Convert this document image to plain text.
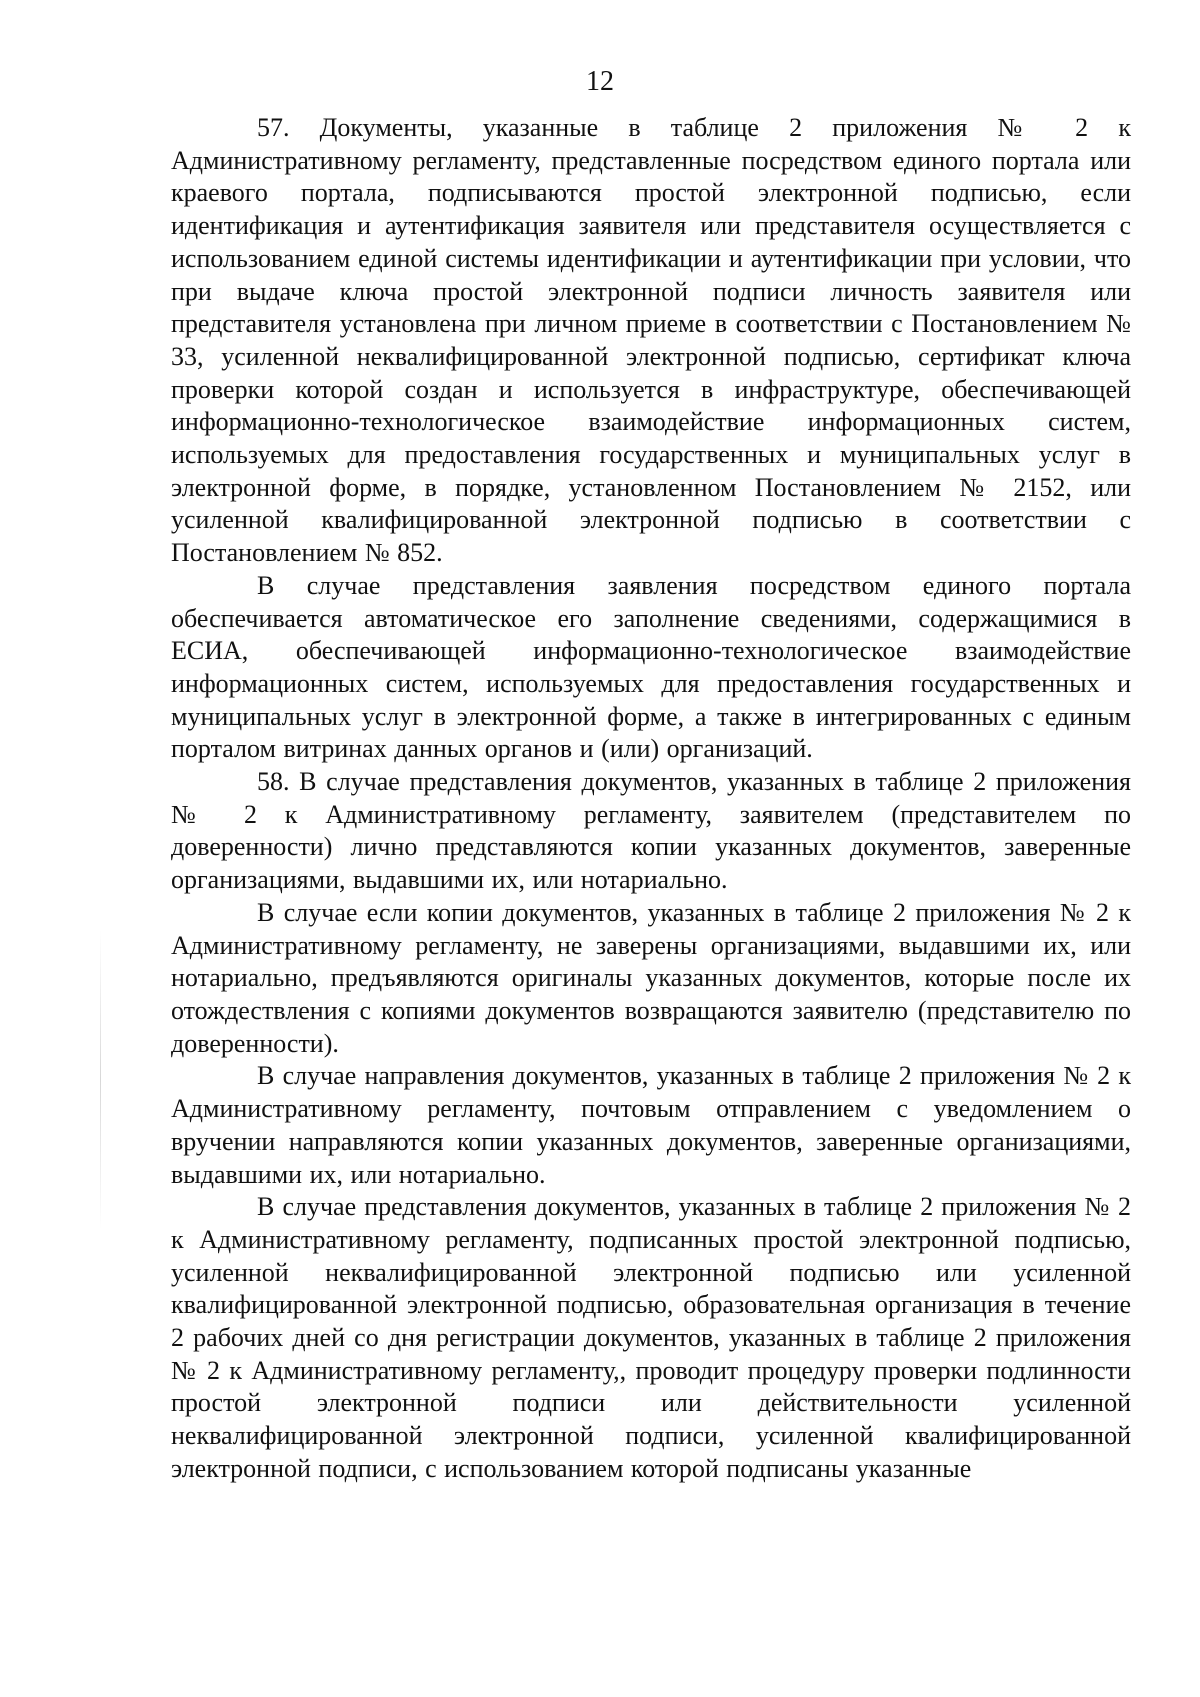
12

57. Документы, указанные в таблице 2 приложения № 2 к Административному регламенту, представленные посредством единого портала или краевого портала, подписываются простой электронной подписью, если идентификация и аутентификация заявителя или представителя осуществляется с использованием единой системы идентификации и аутентификации при условии, что при выдаче ключа простой электронной подписи личность заявителя или представителя установлена при личном приеме в соответствии с Постановлением № 33, усиленной неквалифицированной электронной подписью, сертификат ключа проверки которой создан и используется в инфраструктуре, обеспечивающей информационно-технологическое взаимодействие информационных систем, используемых для предоставления государственных и муниципальных услуг в электронной форме, в порядке, установленном Постановлением № 2152, или усиленной квалифицированной электронной подписью в соответствии с Постановлением № 852.

В случае представления заявления посредством единого портала обеспечивается автоматическое его заполнение сведениями, содержащимися в ЕСИА, обеспечивающей информационно-технологическое взаимодействие информационных систем, используемых для предоставления государственных и муниципальных услуг в электронной форме, а также в интегрированных с единым порталом витринах данных органов и (или) организаций.

58. В случае представления документов, указанных в таблице 2 приложения № 2 к Административному регламенту, заявителем (представителем по доверенности) лично представляются копии указанных документов, заверенные организациями, выдавшими их, или нотариально.

В случае если копии документов, указанных в таблице 2 приложения № 2 к Административному регламенту, не заверены организациями, выдавшими их, или нотариально, предъявляются оригиналы указанных документов, которые после их отождествления с копиями документов возвращаются заявителю (представителю по доверенности).

В случае направления документов, указанных в таблице 2 приложения № 2 к Административному регламенту, почтовым отправлением с уведомлением о вручении направляются копии указанных документов, заверенные организациями, выдавшими их, или нотариально.

В случае представления документов, указанных в таблице 2 приложения № 2 к Административному регламенту, подписанных простой электронной подписью, усиленной неквалифицированной электронной подписью или усиленной квалифицированной электронной подписью, образовательная организация в течение 2 рабочих дней со дня регистрации документов, указанных в таблице 2 приложения № 2 к Административному регламенту,, проводит процедуру проверки подлинности простой электронной подписи или действительности усиленной неквалифицированной электронной подписи, усиленной квалифицированной электронной подписи, с использованием которой подписаны указанные
